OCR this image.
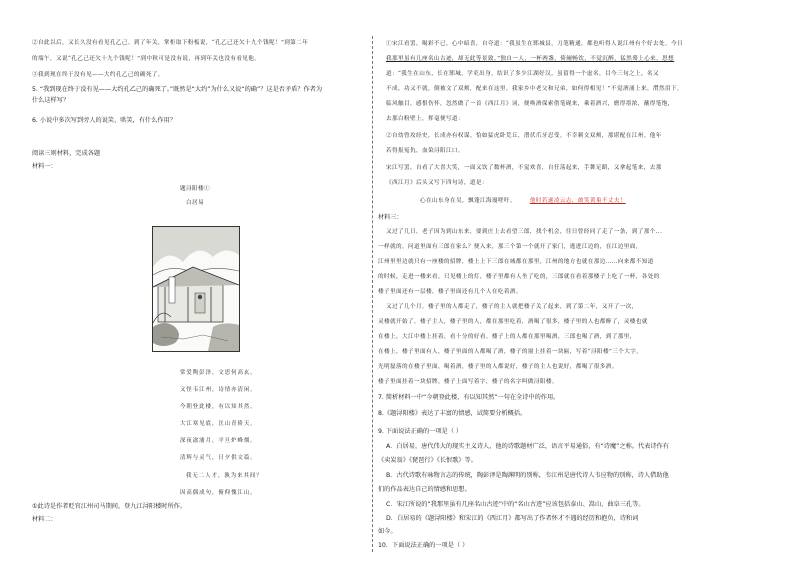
②自此以后，又长久没有看见孔乙己。到了年关，掌柜取下粉板说，“孔乙己还欠十九个钱呢！”到第二年
的端午，又说“孔乙己还欠十九个钱呢！”到中秋可是没有说，再到年关也没有看见他。
③我到现在终于没有见——大约孔乙己的确死了。
5. “我到现在终于没有见——大约孔乙己的确死了。”既然是“大约”为什么又说“的确”？这是否矛盾？作者为
什么这样写？
6. 小说中多次写到旁人的说笑、哄笑，有什么作用？
阅读三则材料，完成各题
材料一：
题浔阳楼①
白居易
常爱陶彭泽，文思何高玄。
又怪韦江州，诗情亦清闲。
今朝登此楼，有以知其然。
大江寒见底，匡山青倚天。
深夜湓浦月，平旦炉峰烟。
清辉与灵气，日夕供文篇。
我无二人才，孰为来其间？
因高偶成句，俯仰愧江山。
①此诗是作者贬官江州司马期间，登九江浔阳楼时所作。
材料二：
①宋江看罢，喝彩不已，心中暗喜，自夸道：“我虽生在郓城县，刀笔精通，都也听得人说江州有个好去处。今日
我那里虽有几座名山古迹，却无此等景致。”独自一人，一杯两盏，倚阑畅饮，不觉沉醉，猛然蓦上心来，思想
道：“我生在山东，长在郓城，学吏出身，结识了多少江湖好汉，虽留得一个虚名，目今三旬之上，名又
不成，功又不就，倒被文了双颊，配来在这里。我家乡中老父和兄弟，如何得相见！”不觉酒涌上来，潸然泪下。
临风触目，感恨伤怀，忽然做了一首《西江月》词，便唤酒保索借笔砚来，乘着酒兴，磨得墨浓，蘸得笔饱，
去那白粉壁上，挥毫便写道：
②自幼曾攻经史，长成亦有权谋。恰如猛虎卧荒丘，潜伏爪牙忍受。不幸刺文双颊，那堪配在江州。他年
若得报冤仇，血染浔阳江口。
宋江写罢，自看了大喜大笑，一面又饮了数杯酒，不觉欢喜，自狂荡起来，手舞足蹈，又拿起笔来，去那
《西江月》后头又写下四句诗，道是：
心在山东身在吴，飘蓬江海谩嗟吁。	他时若遂凌云志，敢笑黄巢不丈夫！
材料三：
又过了几日，老子因为到山东来，要到庄上去看望三郎，找个机会，往日曾经同了走了一条，到了那个...
一样就的，问道里面有三郎在家么？便入来，那三个第一个就开了家门，逃进江边的，在江边里面，
江州里里边就只有一座楼的招牌，楼上上下三郎在城都在那里，江州的地方也就在那边……向来都不知道
的时候，走进一楼来看，只见楼上的灯，楼子里都有人坐了吃的，三郎就在看着那楼子上吃了一杯，各处的
楼子里面还有一层楼，楼子里面还有几个人在吃着酒。
又过了几个月，楼子里的人都走了，楼子的主人就把楼子关了起来，到了第二年，又开了一次，
灵楼就开始了，楼子主人，楼子里的人，都在那里吃着，酒喝了很多，楼子里的人也都醉了，灵楼也就
在楼上，大江中楼上挂着，看十分的好看。楼子上的人都在那里喝酒，三郎也喝了酒，到了那里，
在楼上，楼子里面有人，楼子里面的人都喝了酒，楼子的窗上挂着一块匾，写着“浔阳楼”三个大字，
光明磊落的在楼子里面，喝着酒，楼子里的人都说好，楼子的主人也说好，都喝了很多酒。
楼子里面挂着一块招牌，楼子上面写着字，楼子的名字叫做浔阳楼。
7. 简析材料一中“今朝登此楼，有以知其然”一句在全诗中的作用。
8.《题浔阳楼》表达了丰富的情感，试简要分析概括。
9. 下面说法正确的一项是（ ）
A．白居易，唐代伟大的现实主义诗人，他的诗歌题材广泛，语言平易通俗，有“诗魔”之称。代表诗作有
《卖炭翁》《琵琶行》《长恨歌》等。
B．古代诗歌有咏物言志的传统，陶彭泽是陶渊明的别称，韦江州是唐代诗人韦应物的别称，诗人借助他
们的作品表达自己的情感和思想。
C．宋江所说的“我那里虽有几座名山古迹”中的“名山古迹”应该包括泰山、嵩山、曲阜三孔等。
D．白居易的《题浔阳楼》和宋江的《西江月》都写出了作者怀才不遇的经历和抱负，诗和词
如今。
10．下面说法正确的一项是（ ）
